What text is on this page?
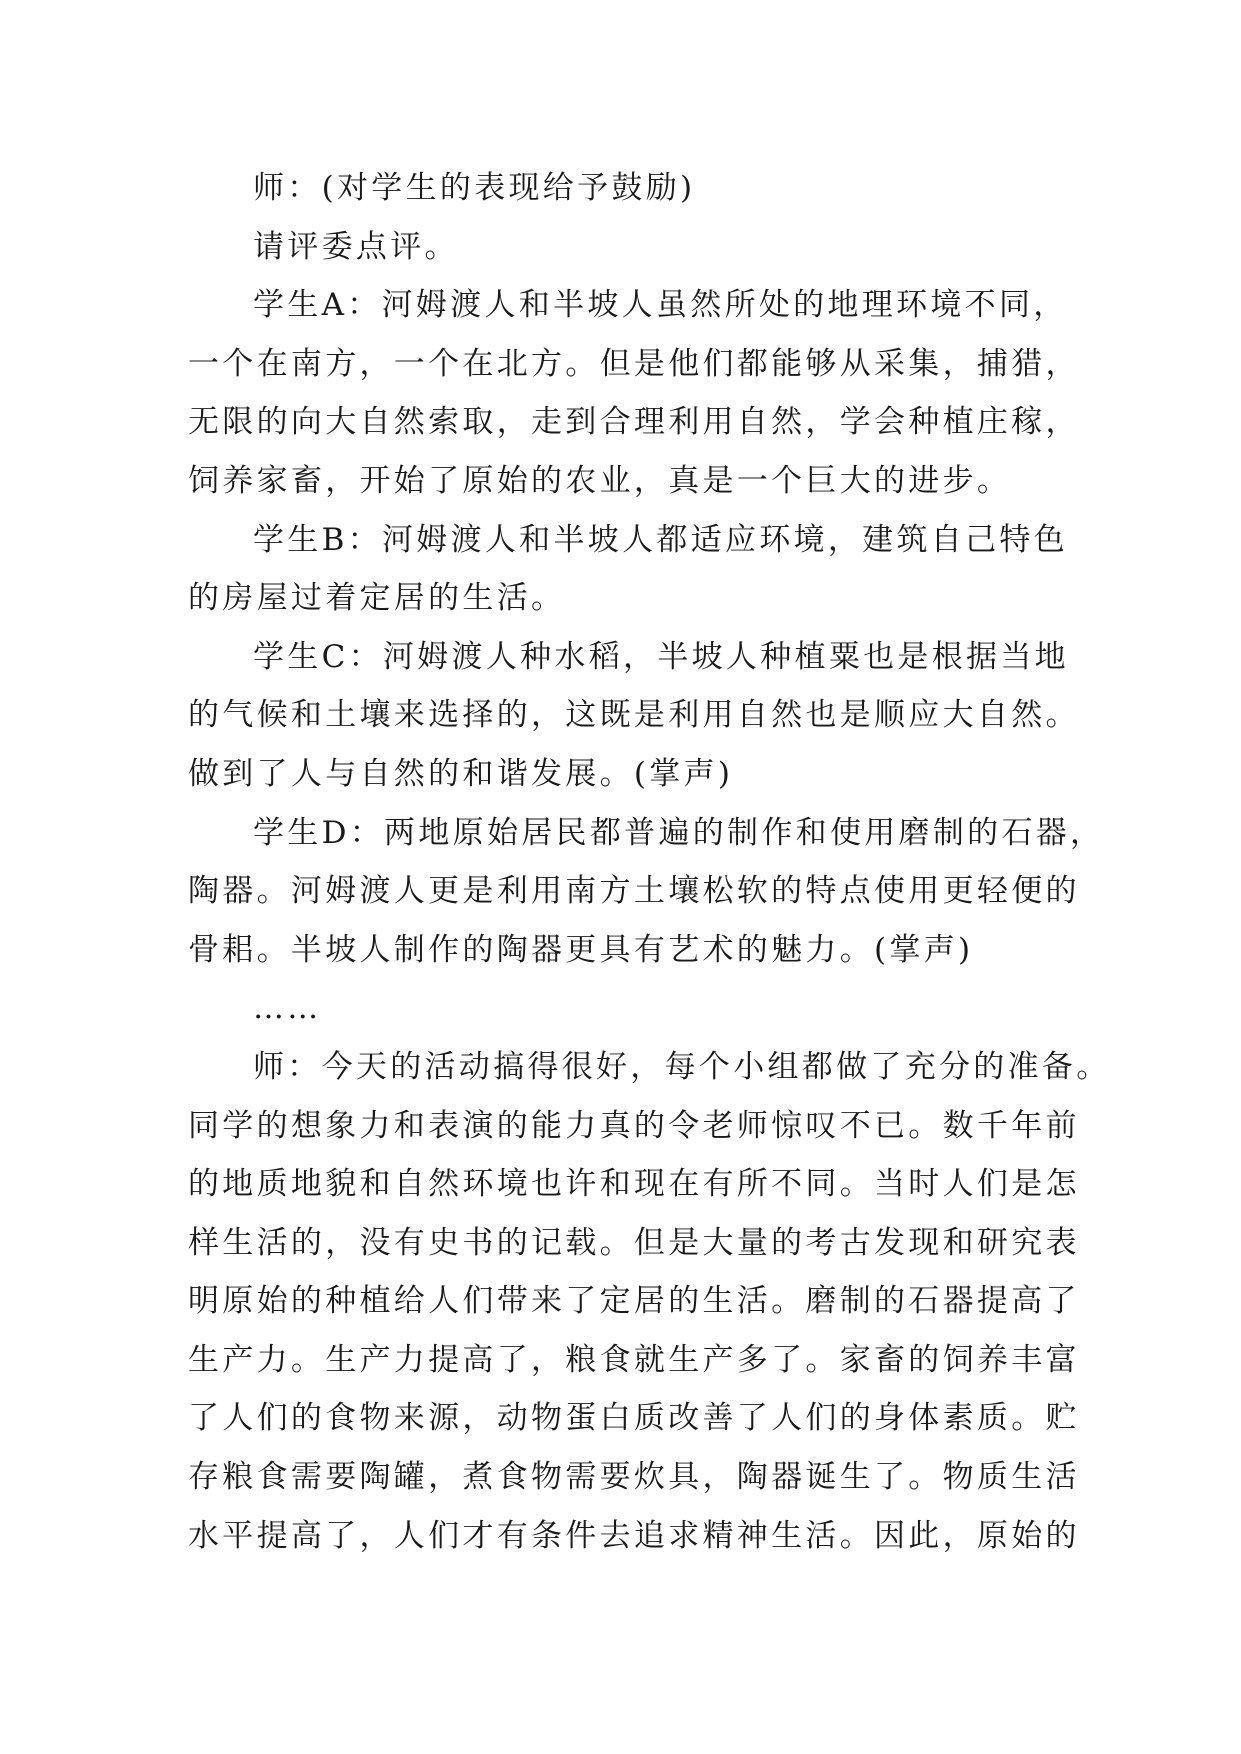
师：(对学生的表现给予鼓励)
请评委点评。
学生A：河姆渡人和半坡人虽然所处的地理环境不同，
一个在南方，一个在北方。但是他们都能够从采集，捕猎，
无限的向大自然索取，走到合理利用自然，学会种植庄稼，
饲养家畜，开始了原始的农业，真是一个巨大的进步。
学生B：河姆渡人和半坡人都适应环境，建筑自己特色
的房屋过着定居的生活。
学生C：河姆渡人种水稻，半坡人种植粟也是根据当地
的气候和土壤来选择的，这既是利用自然也是顺应大自然。
做到了人与自然的和谐发展。(掌声)
学生D：两地原始居民都普遍的制作和使用磨制的石器，
陶器。河姆渡人更是利用南方土壤松软的特点使用更轻便的
骨耜。半坡人制作的陶器更具有艺术的魅力。(掌声)
……
师：今天的活动搞得很好，每个小组都做了充分的准备。
同学的想象力和表演的能力真的令老师惊叹不已。数千年前
的地质地貌和自然环境也许和现在有所不同。当时人们是怎
样生活的，没有史书的记载。但是大量的考古发现和研究表
明原始的种植给人们带来了定居的生活。磨制的石器提高了
生产力。生产力提高了，粮食就生产多了。家畜的饲养丰富
了人们的食物来源，动物蛋白质改善了人们的身体素质。贮
存粮食需要陶罐，煮食物需要炊具，陶器诞生了。物质生活
水平提高了，人们才有条件去追求精神生活。因此，原始的
